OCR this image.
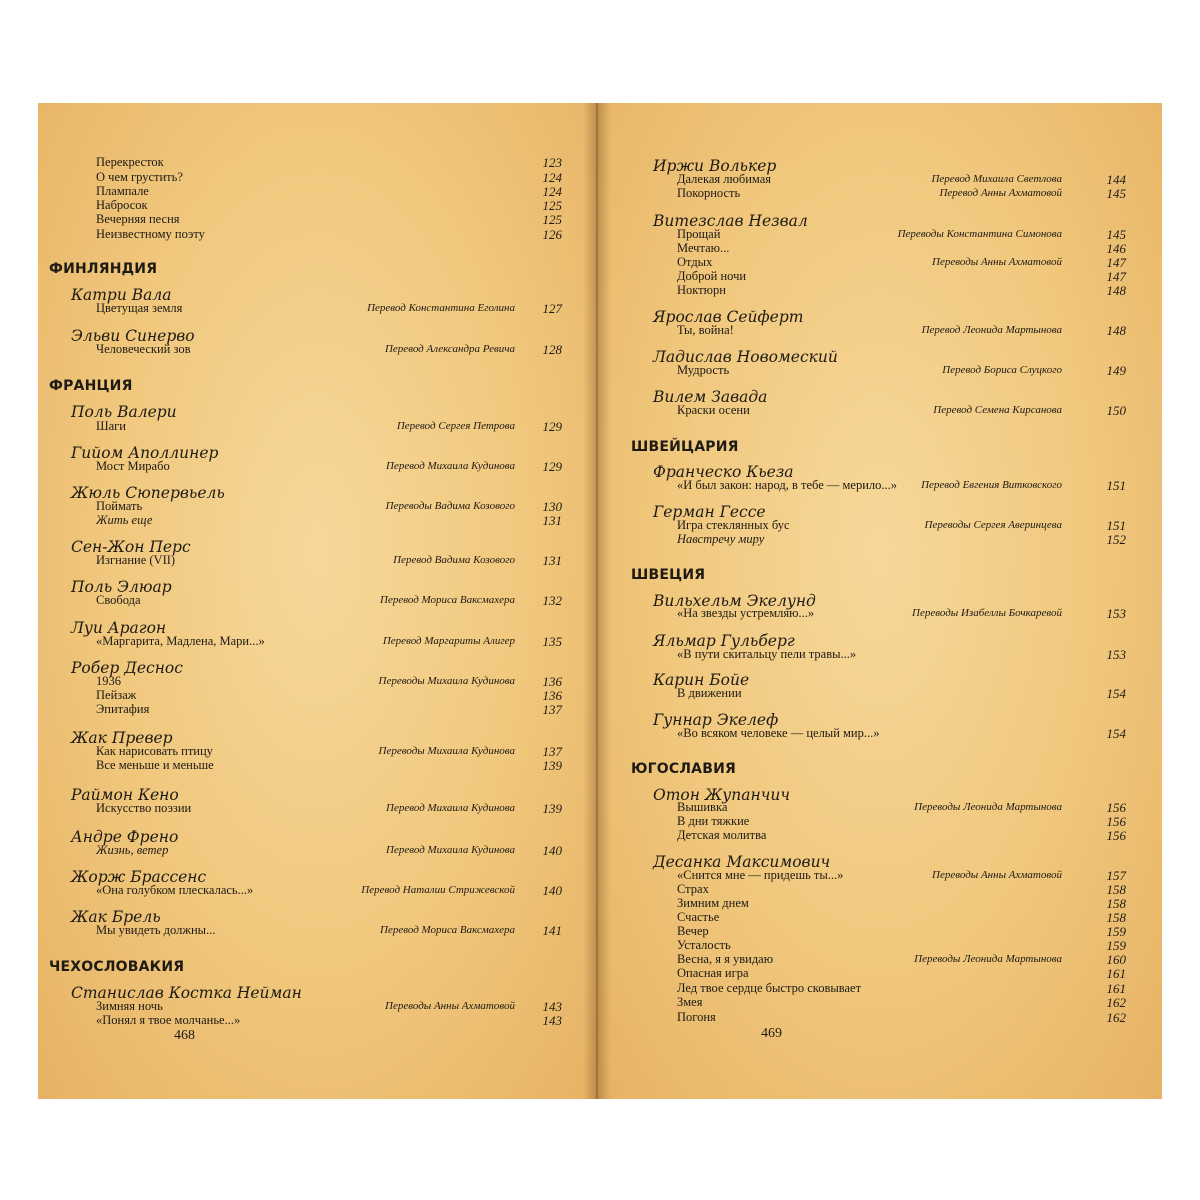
468
Перекресток	123
О чем грустить?	124
Плампале	124
Набросок	125
Вечерняя песня	125
Неизвестному поэту	126
ФИНЛЯНДИЯ
Катри Вала
Цветущая земля	Перевод Константина Еголина	127
Эльви Синерво
Человеческий зов	Перевод Александра Ревича	128
ФРАНЦИЯ
Поль Валери
Шаги	Перевод Сергея Петрова	129
Гийом Аполлинер
Мост Мирабо	Перевод Михаила Кудинова	129
Жюль Сюпервьель
Поймать	Переводы Вадима Козового	130
Жить еще	131
Сен-Жон Перс
Изгнание (VII)	Перевод Вадима Козового	131
Поль Элюар
Свобода	Перевод Мориса Ваксмахера	132
Луи Арагон
«Маргарита, Мадлена, Мари...»	Перевод Маргариты Алигер	135
Робер Деснос
1936	Переводы Михаила Кудинова	136
Пейзаж	136
Эпитафия	137
Жак Превер
Как нарисовать птицу	Переводы Михаила Кудинова	137
Все меньше и меньше	139
Раймон Кено
Искусство поэзии	Перевод Михаила Кудинова	139
Андре Френо
Жизнь, ветер	Перевод Михаила Кудинова	140
Жорж Брассенс
«Она голубком плескалась...»	Перевод Наталии Стрижевской	140
Жак Брель
Мы увидеть должны...	Перевод Мориса Ваксмахера	141
ЧЕХОСЛОВАКИЯ
Станислав Костка Нейман
Зимняя ночь	Переводы Анны Ахматовой	143
«Понял я твое молчанье...»	143
469
Иржи Волькер
Далекая любимая	Перевод Михаила Светлова	144
Покорность	Перевод Анны Ахматовой	145
Витезслав Незвал
Прощай	Переводы Константина Симонова	145
Мечтаю...	146
Отдых	Переводы Анны Ахматовой	147
Доброй ночи	147
Ноктюрн	148
Ярослав Сейферт
Ты, война!	Перевод Леонида Мартынова	148
Ладислав Новомеский
Мудрость	Перевод Бориса Слуцкого	149
Вилем Завада
Краски осени	Перевод Семена Кирсанова	150
ШВЕЙЦАРИЯ
Франческо Кьеза
«И был закон: народ, в тебе — мерило...» Перевод Евгения Витковского	151
Герман Гессе
Игра стеклянных бус	Переводы Сергея Аверинцева	151
Навстречу миру	152
ШВЕЦИЯ
Вильхельм Экелунд
«На звезды устремляю...»	Переводы Изабеллы Бочкаревой	153
Яльмар Гульберг
«В пути скитальцу пели травы...»	153
Карин Бойе
В движении	154
Гуннар Экелеф
«Во всяком человеке — целый мир...»	154
ЮГОСЛАВИЯ
Отон Жупанчич
Вышивка	Переводы Леонида Мартынова	156
В дни тяжкие	156
Детская молитва	156
Десанка Максимович
«Снится мне — придешь ты...»	Переводы Анны Ахматовой	157
Страх	158
Зимним днем	158
Счастье	158
Вечер	159
Усталость	159
Весна, я я увидаю	Переводы Леонида Мартынова	160
Опасная игра	161
Лед твое сердце быстро сковывает	161
Змея	162
Погоня	162
